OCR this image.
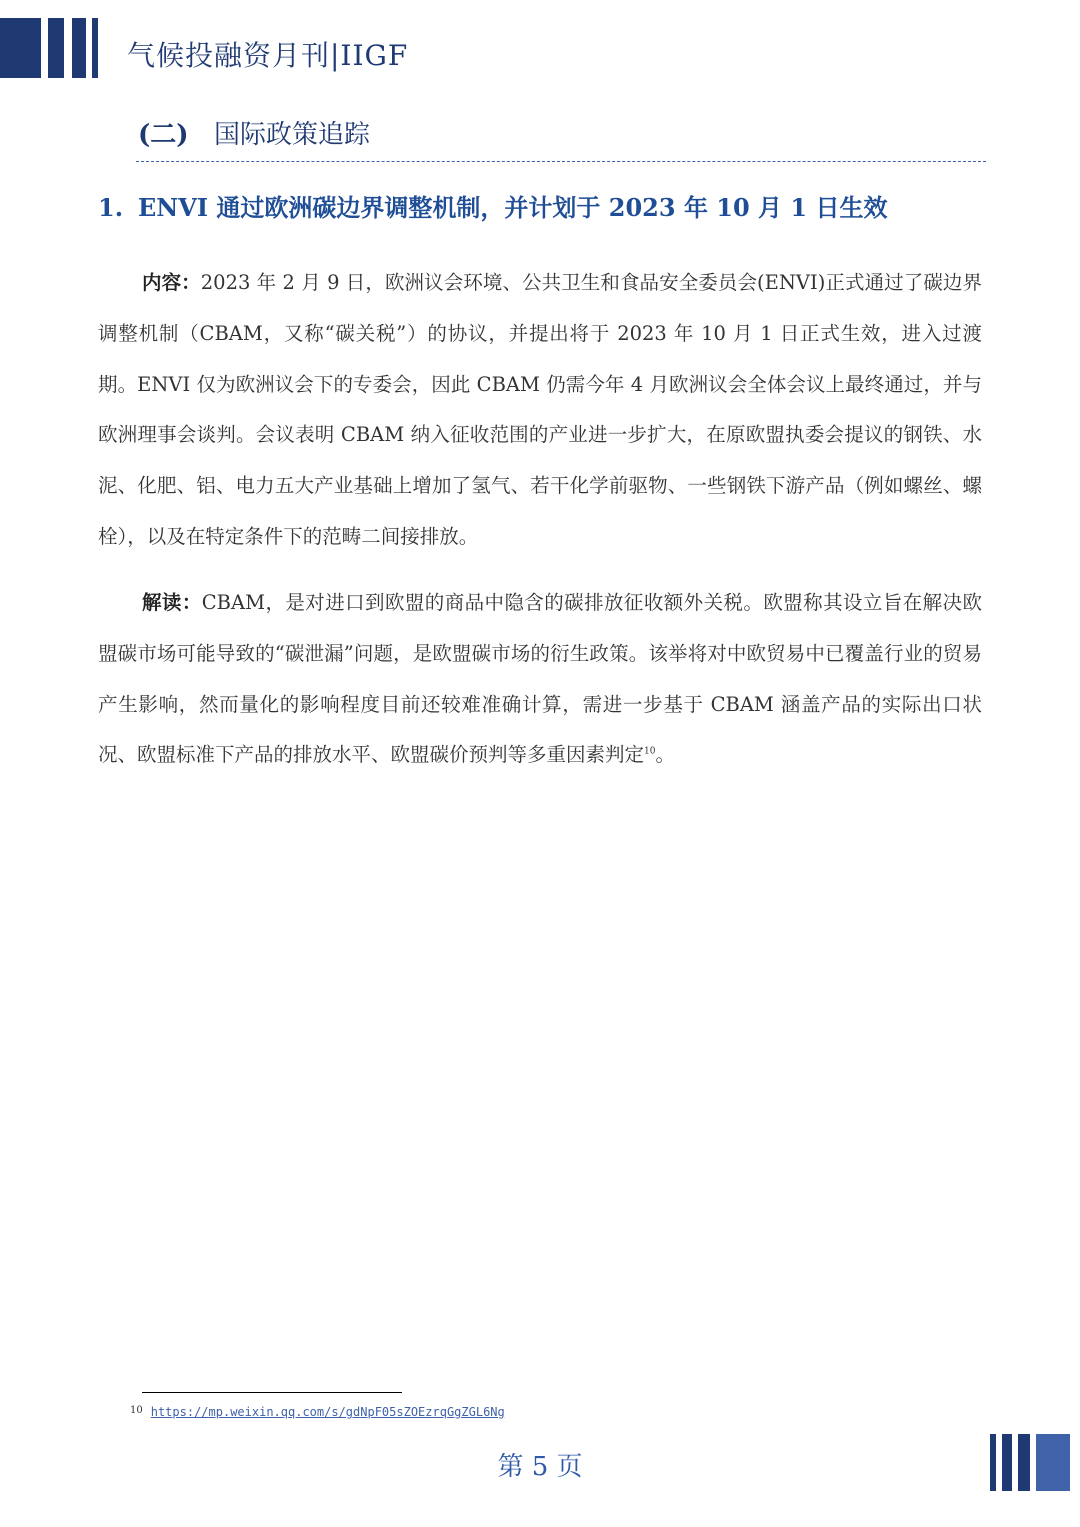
气候投融资月刊|IIGF
(二) 国际政策追踪
1. ENVI 通过欧洲碳边界调整机制，并计划于 2023 年 10 月 1 日生效

内容：2023 年 2 月 9 日，欧洲议会环境、公共卫生和食品安全委员会(ENVI)正式通过了碳边界调整机制（CBAM，又称“碳关税”）的协议，并提出将于 2023 年 10 月 1 日正式生效，进入过渡期。ENVI 仅为欧洲议会下的专委会，因此 CBAM 仍需今年 4 月欧洲议会全体会议上最终通过，并与欧洲理事会谈判。会议表明 CBAM 纳入征收范围的产业进一步扩大，在原欧盟执委会提议的钢铁、水泥、化肥、铝、电力五大产业基础上增加了氢气、若干化学前驱物、一些钢铁下游产品（例如螺丝、螺栓），以及在特定条件下的范畴二间接排放。

解读：CBAM，是对进口到欧盟的商品中隐含的碳排放征收额外关税。欧盟称其设立旨在解决欧盟碳市场可能导致的“碳泄漏”问题，是欧盟碳市场的衍生政策。该举将对中欧贸易中已覆盖行业的贸易产生影响，然而量化的影响程度目前还较难准确计算，需进一步基于 CBAM 涵盖产品的实际出口状况、欧盟标准下产品的排放水平、欧盟碳价预判等多重因素判定$^{10}$。

$^{10}$ https://mp.weixin.qq.com/s/gdNpF05sZOEzrqGgZGL6Ng
第 5 页
